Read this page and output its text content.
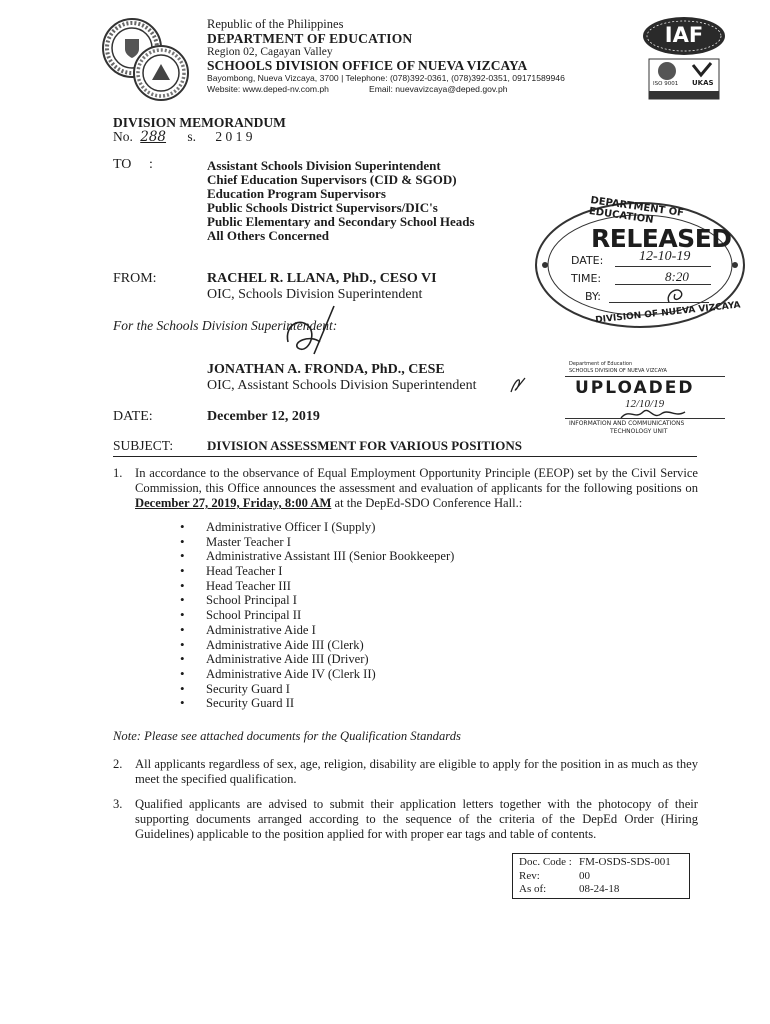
Republic of the Philippines
DEPARTMENT OF EDUCATION
Region 02, Cagayan Valley
SCHOOLS DIVISION OFFICE OF NUEVA VIZCAYA
Bayombong, Nueva Vizcaya, 3700 | Telephone: (078)392-0361, (078)392-0351, 09171589946
Website: www.deped-nv.com.ph	Email: nuevavizcaya@deped.gov.ph
IAF
ISO 9001 UKAS
DIVISION MEMORANDUM
No. 288 s. 2 0 1 9
TO :	Assistant Schools Division Superintendent
Chief Education Supervisors (CID & SGOD)
Education Program Supervisors
Public Schools District Supervisors/DIC's
Public Elementary and Secondary School Heads
All Others Concerned
FROM:	RACHEL R. LLANA, PhD., CESO VI
OIC, Schools Division Superintendent
For the Schools Division Superintendent:
JONATHAN A. FRONDA, PhD., CESE
OIC, Assistant Schools Division Superintendent
DATE:	December 12, 2019
SUBJECT:	DIVISION ASSESSMENT FOR VARIOUS POSITIONS
DEPARTMENT OF EDUCATION
RELEASED
DATE:	12-10-19
TIME:	8:20
BY:
DIVISION OF NUEVA VIZCAYA
Department of Education
SCHOOLS DIVISION OF NUEVA VIZCAYA
UPLOADED
12/10/19
INFORMATION AND COMMUNICATIONS
TECHNOLOGY UNIT
1. In accordance to the observance of Equal Employment Opportunity Principle (EEOP) set by the Civil Service Commission, this Office announces the assessment and evaluation of applicants for the following positions on December 27, 2019, Friday, 8:00 AM at the DepEd-SDO Conference Hall.:
• Administrative Officer I (Supply)
• Master Teacher I
• Administrative Assistant III (Senior Bookkeeper)
• Head Teacher I
• Head Teacher III
• School Principal I
• School Principal II
• Administrative Aide I
• Administrative Aide III (Clerk)
• Administrative Aide III (Driver)
• Administrative Aide IV (Clerk II)
• Security Guard I
• Security Guard II
Note: Please see attached documents for the Qualification Standards
2. All applicants regardless of sex, age, religion, disability are eligible to apply for the position in as much as they meet the specified qualification.
3. Qualified applicants are advised to submit their application letters together with the photocopy of their supporting documents arranged according to the sequence of the criteria of the DepEd Order (Hiring Guidelines) applicable to the position applied for with proper ear tags and table of contents.
Doc. Code : FM-OSDS-SDS-001
Rev:	00
As of:	08-24-18
